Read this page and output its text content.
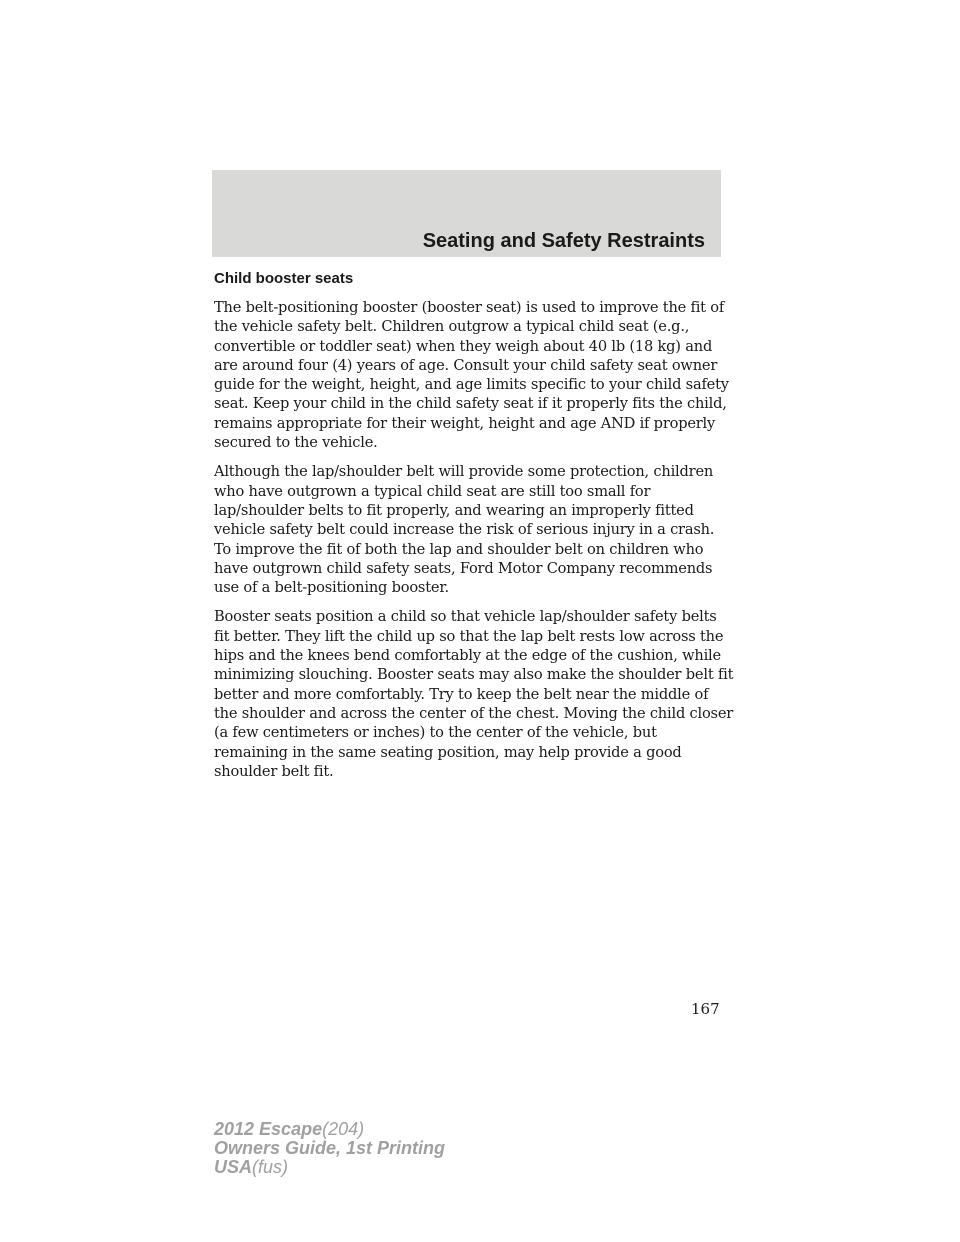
Seating and Safety Restraints
Child booster seats

The belt-positioning booster (booster seat) is used to improve the fit of the vehicle safety belt. Children outgrow a typical child seat (e.g., convertible or toddler seat) when they weigh about 40 lb (18 kg) and are around four (4) years of age. Consult your child safety seat owner guide for the weight, height, and age limits specific to your child safety seat. Keep your child in the child safety seat if it properly fits the child, remains appropriate for their weight, height and age AND if properly secured to the vehicle.

Although the lap/shoulder belt will provide some protection, children who have outgrown a typical child seat are still too small for lap/shoulder belts to fit properly, and wearing an improperly fitted vehicle safety belt could increase the risk of serious injury in a crash. To improve the fit of both the lap and shoulder belt on children who have outgrown child safety seats, Ford Motor Company recommends use of a belt-positioning booster.

Booster seats position a child so that vehicle lap/shoulder safety belts fit better. They lift the child up so that the lap belt rests low across the hips and the knees bend comfortably at the edge of the cushion, while minimizing slouching. Booster seats may also make the shoulder belt fit better and more comfortably. Try to keep the belt near the middle of the shoulder and across the center of the chest. Moving the child closer (a few centimeters or inches) to the center of the vehicle, but remaining in the same seating position, may help provide a good shoulder belt fit.

167
2012 Escape(204)
Owners Guide, 1st Printing
USA(fus)
